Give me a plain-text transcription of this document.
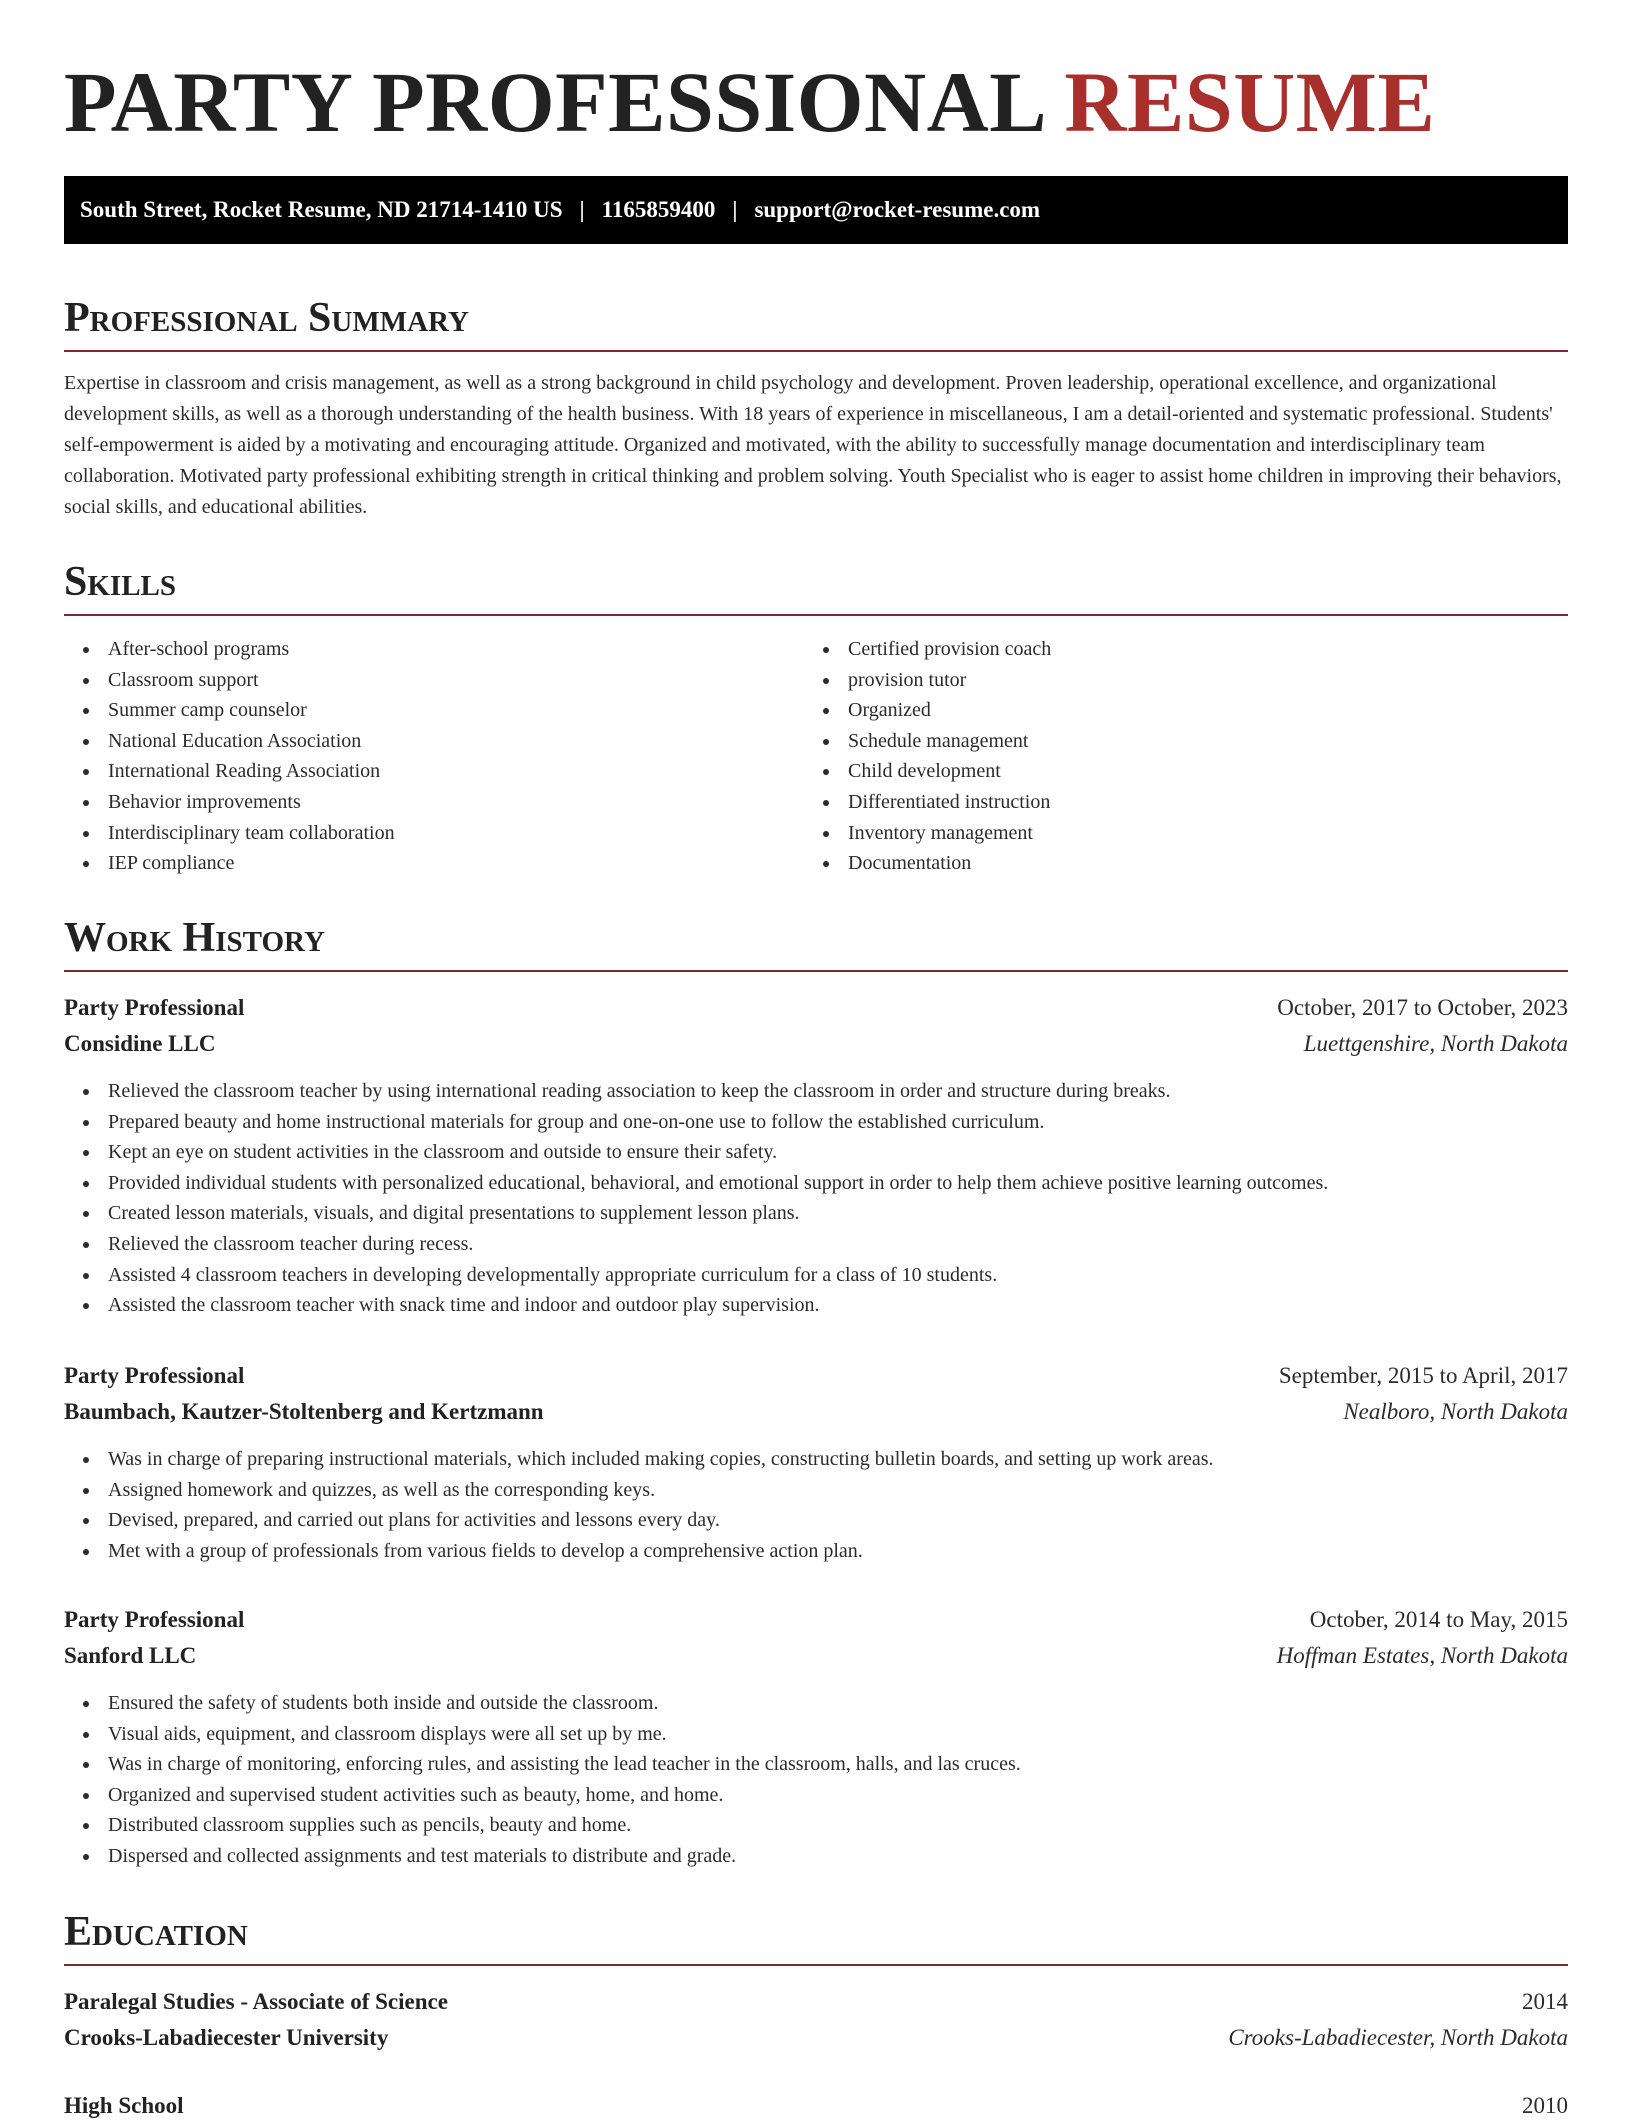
PARTY PROFESSIONAL RESUME
South Street, Rocket Resume, ND 21714-1410 US | 1165859400 | support@rocket-resume.com
Professional Summary

Expertise in classroom and crisis management, as well as a strong background in child psychology and development. Proven leadership, operational excellence, and organizational development skills, as well as a thorough understanding of the health business. With 18 years of experience in miscellaneous, I am a detail-oriented and systematic professional. Students' self-empowerment is aided by a motivating and encouraging attitude. Organized and motivated, with the ability to successfully manage documentation and interdisciplinary team collaboration. Motivated party professional exhibiting strength in critical thinking and problem solving. Youth Specialist who is eager to assist home children in improving their behaviors, social skills, and educational abilities.

Skills
After-school programs
Classroom support
Summer camp counselor
National Education Association
International Reading Association
Behavior improvements
Interdisciplinary team collaboration
IEP compliance
Certified provision coach
provision tutor
Organized
Schedule management
Child development
Differentiated instruction
Inventory management
Documentation
Work History
Party Professional	October, 2017 to October, 2023
Considine LLC	Luettgenshire, North Dakota
Relieved the classroom teacher by using international reading association to keep the classroom in order and structure during breaks.
Prepared beauty and home instructional materials for group and one-on-one use to follow the established curriculum.
Kept an eye on student activities in the classroom and outside to ensure their safety.
Provided individual students with personalized educational, behavioral, and emotional support in order to help them achieve positive learning outcomes.
Created lesson materials, visuals, and digital presentations to supplement lesson plans.
Relieved the classroom teacher during recess.
Assisted 4 classroom teachers in developing developmentally appropriate curriculum for a class of 10 students.
Assisted the classroom teacher with snack time and indoor and outdoor play supervision.
Party Professional	September, 2015 to April, 2017
Baumbach, Kautzer-Stoltenberg and Kertzmann	Nealboro, North Dakota
Was in charge of preparing instructional materials, which included making copies, constructing bulletin boards, and setting up work areas.
Assigned homework and quizzes, as well as the corresponding keys.
Devised, prepared, and carried out plans for activities and lessons every day.
Met with a group of professionals from various fields to develop a comprehensive action plan.
Party Professional	October, 2014 to May, 2015
Sanford LLC	Hoffman Estates, North Dakota
Ensured the safety of students both inside and outside the classroom.
Visual aids, equipment, and classroom displays were all set up by me.
Was in charge of monitoring, enforcing rules, and assisting the lead teacher in the classroom, halls, and las cruces.
Organized and supervised student activities such as beauty, home, and home.
Distributed classroom supplies such as pencils, beauty and home.
Dispersed and collected assignments and test materials to distribute and grade.
Education
Paralegal Studies - Associate of Science	2014
Crooks-Labadiecester University	Crooks-Labadiecester, North Dakota
High School	2010
